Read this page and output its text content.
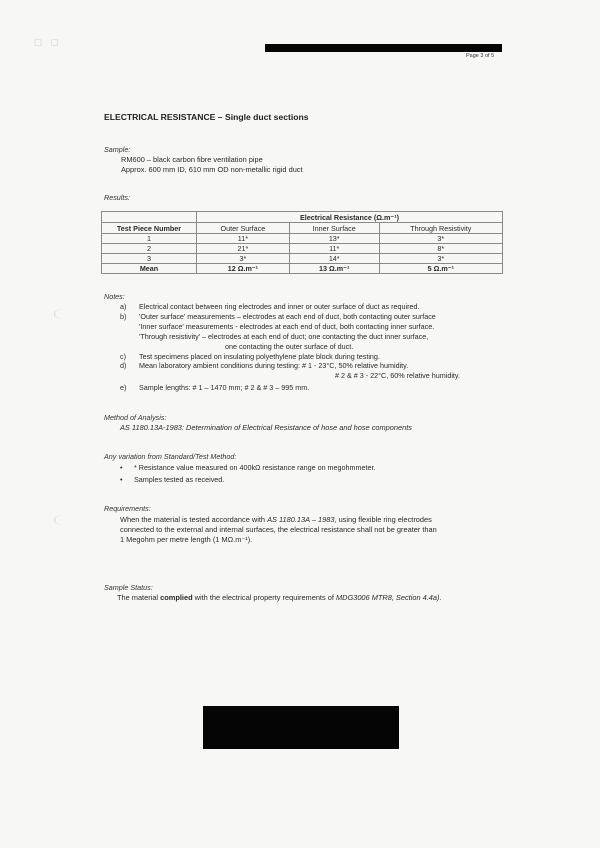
☐ ☐
Page 3 of 5
ELECTRICAL RESISTANCE – Single duct sections
Sample:
RM600 – black carbon fibre ventilation pipe
Approx. 600 mm ID, 610 mm OD non-metallic rigid duct
Results:
	Electrical Resistance (Ω.m⁻¹)		
Test Piece Number	Outer Surface	Inner Surface	Through Resistivity
1	11*	13*	3*
2	21*	11*	8*
3	3*	14*	3*
Mean	12 Ω.m⁻¹	13 Ω.m⁻¹	5 Ω.m⁻¹
Notes:
a) Electrical contact between ring electrodes and inner or outer surface of duct as required.
b) 'Outer surface' measurements – electrodes at each end of duct, both contacting outer surface
'Inner surface' measurements - electrodes at each end of duct, both contacting inner surface.
'Through resistivity' – electrodes at each end of duct; one contacting the duct inner surface,
one contacting the outer surface of duct.
c) Test specimens placed on insulating polyethylene plate block during testing.
d) Mean laboratory ambient conditions during testing: # 1 - 23°C, 50% relative humidity.
# 2 & # 3 - 22°C, 60% relative humidity.
e) Sample lengths: # 1 – 1470 mm; # 2 & # 3 – 995 mm.
Method of Analysis:
AS 1180.13A-1983: Determination of Electrical Resistance of hose and hose components
Any variation from Standard/Test Method:
• * Resistance value measured on 400kΩ resistance range on megohmmeter.
• Samples tested as received.
Requirements:
When the material is tested accordance with AS 1180.13A – 1983, using flexible ring electrodes
connected to the external and internal surfaces, the electrical resistance shall not be greater than
1 Megohm per metre length (1 MΩ.m⁻¹).
Sample Status:
The material complied with the electrical property requirements of MDG3006 MTR8, Section 4.4a).
